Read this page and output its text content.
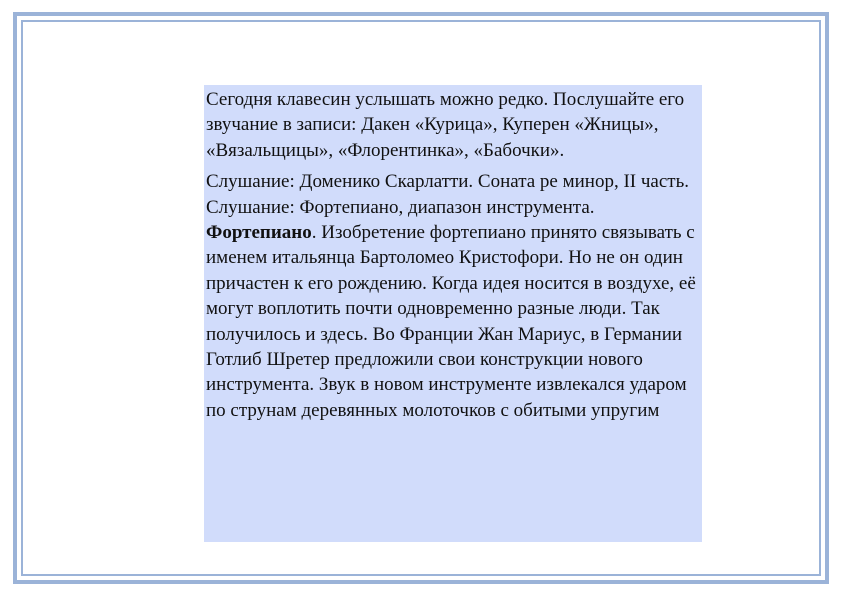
Сегодня клавесин услышать можно редко. Послушайте его звучание в записи: Дакен «Курица», Куперен «Жницы», «Вязальщицы», «Флорентинка», «Бабочки».

Слушание: Доменико Скарлатти. Соната ре минор, II часть.

Слушание: Фортепиано, диапазон инструмента.

Фортепиано. Изобретение фортепиано принято связывать с именем итальянца Бартоломео Кристофори. Но не он один причастен к его рождению. Когда идея носится в воздухе, её могут воплотить почти одновременно разные люди. Так получилось и здесь. Во Франции Жан Мариус, в Германии Готлиб Шретер предложили свои конструкции нового инструмента. Звук в новом инструменте извлекался ударом по струнам деревянных молоточков с обитыми упругим
